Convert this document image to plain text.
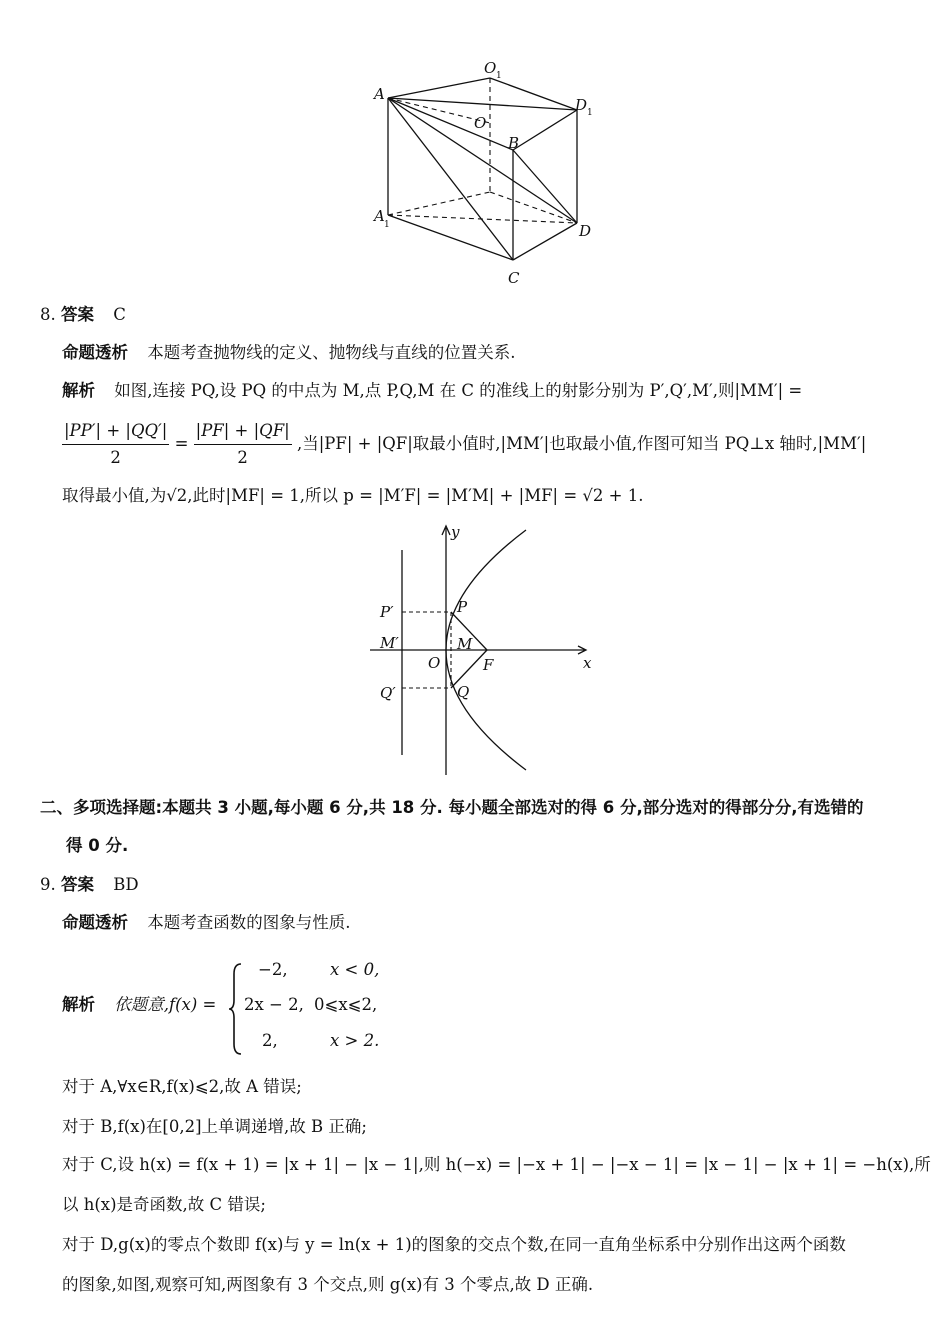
A
O 1
D 1
O
B
A 1	D
C
8. 答案 C
命题透析 本题考查抛物线的定义、抛物线与直线的位置关系.
解析 如图,连接 PQ,设 PQ 的中点为 M,点 P,Q,M 在 C 的准线上的射影分别为 P′,Q′,M′,则|MM′| =
$\frac{|PP'| + |QQ'|}{2} = \frac{|PF| + |QF|}{2}$ ,当|PF| + |QF|取最小值时,|MM′|也取最小值,作图可知当 PQ⊥x 轴时,|MM′|
取得最小值,为√2,此时|MF| = 1,所以 p = |M′F| = |M′M| + |MF| = √2 + 1.
y
x
P
P′
M′	M
O	F
Q′	Q
二、多项选择题:本题共 3 小题,每小题 6 分,共 18 分. 每小题全部选对的得 6 分,部分选对的得部分分,有选错的
得 0 分.
9. 答案 BD
命题透析 本题考查函数的图象与性质.
解析 依题意,f(x) =
−2,	x < 0,
2x − 2, 0⩽x⩽2,
2,	x > 2.
对于 A,∀x∈R,f(x)⩽2,故 A 错误;
对于 B,f(x)在[0,2]上单调递增,故 B 正确;
对于 C,设 h(x) = f(x + 1) = |x + 1| − |x − 1|,则 h(−x) = |−x + 1| − |−x − 1| = |x − 1| − |x + 1| = −h(x),所
以 h(x)是奇函数,故 C 错误;
对于 D,g(x)的零点个数即 f(x)与 y = ln(x + 1)的图象的交点个数,在同一直角坐标系中分别作出这两个函数
的图象,如图,观察可知,两图象有 3 个交点,则 g(x)有 3 个零点,故 D 正确.
